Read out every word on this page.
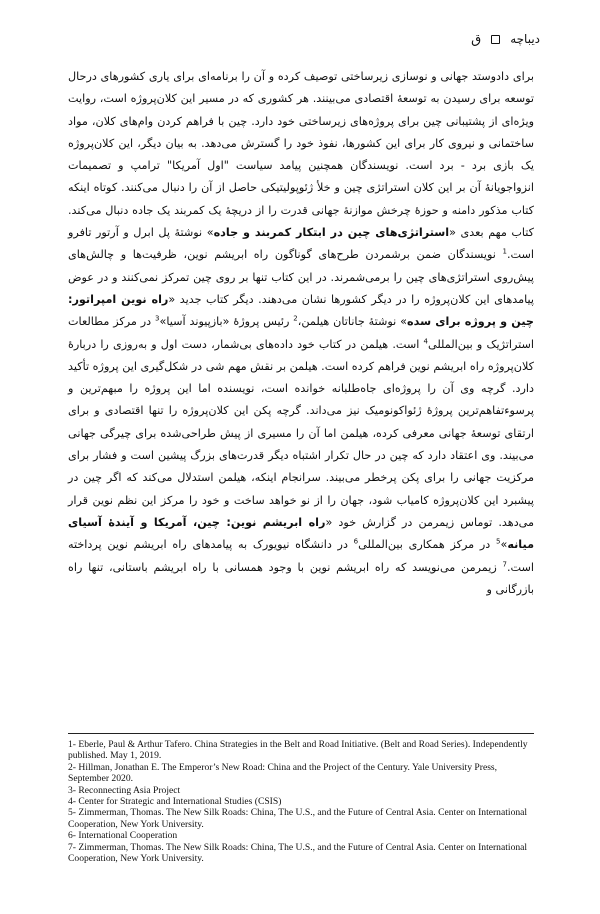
دیباچه
ق
برای دادوستد جهانی و نوسازی زیرساختی توصیف کرده و آن را برنامه‌ای برای یاری کشورهای درحال توسعه برای رسیدن به توسعهٔ اقتصادی می‌بینند. هر کشوری که در مسیر این کلان‌پروژه است، روایت ویژه‌ای از پشتیبانی چین برای پروژه‌های زیرساختی خود دارد. چین با فراهم کردن وام‌های کلان، مواد ساختمانی و نیروی کار برای این کشورها، نفوذ خود را گسترش می‌دهد. به بیان دیگر، این کلان‌پروژه یک بازی برد - برد است. نویسندگان همچنین پیامد سیاست "اول آمریکا" ترامپ و تصمیمات انزواجویانهٔ آن بر این کلان استراتژی چین و خلأ ژئوپولیتیکی حاصل از آن را دنبال می‌کنند. کوتاه اینکه کتاب مذکور دامنه و حوزهٔ چرخش موازنهٔ جهانی قدرت را از دریچهٔ یک کمربند یک جاده دنبال می‌کند. کتاب مهم بعدی «استراتژی‌های چین در ابتکار کمربند و جاده» نوشتهٔ پل ابرل و آرتور تافرو است.$^1$ نویسندگان ضمن برشمردن طرح‌های گوناگون راه ابریشم نوین، ظرفیت‌ها و چالش‌های پیش‌روی استراتژی‌های چین را برمی‌شمرند. در این کتاب تنها بر روی چین تمرکز نمی‌کنند و در عوض پیامدهای این کلان‌پروژه را در دیگر کشورها نشان می‌دهند. دیگر کتاب جدید «راه نوین امپراتور: چین و پروژه برای سده» نوشتهٔ جاناتان هیلمن،$^2$ رئیس پروژهٔ «بازپیوند آسیا»$^3$ در مرکز مطالعات استراتژیک و بین‌المللی$^4$ است. هیلمن در کتاب خود داده‌های بی‌شمار، دست اول و به‌روزی را دربارهٔ کلان‌پروژه راه ابریشم نوین فراهم کرده است. هیلمن بر نقش مهم شی در شکل‌گیری این پروژه تأکید دارد. گرچه وی آن را پروژه‌ای جاه‌طلبانه خوانده است، نویسنده اما این پروژه را مبهم‌ترین و پرسوءتفاهم‌ترین پروژهٔ ژئواکونومیک نیز می‌داند. گرچه پکن این کلان‌پروژه را تنها اقتصادی و برای ارتقای توسعهٔ جهانی معرفی کرده، هیلمن اما آن را مسیری از پیش طراحی‌شده برای چیرگی جهانی می‌بیند. وی اعتقاد دارد که چین در حال تکرار اشتباه دیگر قدرت‌های بزرگ پیشین است و فشار برای مرکزیت جهانی را برای پکن پرخطر می‌بیند. سرانجام اینکه، هیلمن استدلال می‌کند که اگر چین در پیشبرد این کلان‌پروژه کامیاب شود، جهان را از نو خواهد ساخت و خود را مرکز این نظم نوین قرار می‌دهد. توماس زیمرمن در گزارش خود «راه ابریشم نوین: چین، آمریکا و آیندهٔ آسیای میانه»$^5$ در مرکز همکاری بین‌المللی$^6$ در دانشگاه نیویورک به پیامدهای راه ابریشم نوین پرداخته است.$^7$ زیمرمن می‌نویسد که راه ابریشم نوین با وجود همسانی با راه ابریشم باستانی، تنها راه بازرگانی و
1- Eberle, Paul & Arthur Tafero. China Strategies in the Belt and Road Initiative. (Belt and Road Series). Independently published. May 1, 2019.
2- Hillman, Jonathan E. The Emperor’s New Road: China and the Project of the Century. Yale University Press, September 2020.
3- Reconnecting Asia Project
4- Center for Strategic and International Studies (CSIS)
5- Zimmerman, Thomas. The New Silk Roads: China, The U.S., and the Future of Central Asia. Center on International Cooperation, New York University.
6- International Cooperation
7- Zimmerman, Thomas. The New Silk Roads: China, The U.S., and the Future of Central Asia. Center on International Cooperation, New York University.
